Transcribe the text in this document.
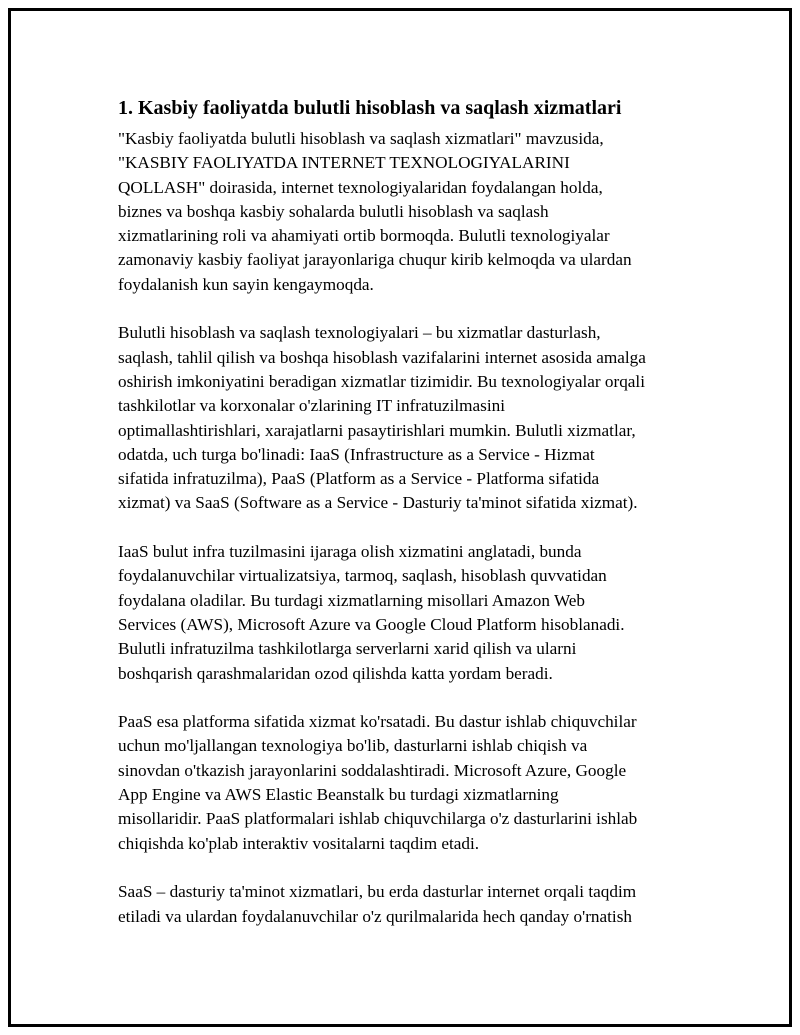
1. Kasbiy faoliyatda bulutli hisoblash va saqlash xizmatlari

"Kasbiy faoliyatda bulutli hisoblash va saqlash xizmatlari" mavzusida,
"KASBIY FAOLIYATDA INTERNET TEXNOLOGIYALARINI
QOLLASH" doirasida, internet texnologiyalaridan foydalangan holda,
biznes va boshqa kasbiy sohalarda bulutli hisoblash va saqlash
xizmatlarining roli va ahamiyati ortib bormoqda. Bulutli texnologiyalar
zamonaviy kasbiy faoliyat jarayonlariga chuqur kirib kelmoqda va ulardan
foydalanish kun sayin kengaymoqda.

Bulutli hisoblash va saqlash texnologiyalari – bu xizmatlar dasturlash,
saqlash, tahlil qilish va boshqa hisoblash vazifalarini internet asosida amalga
oshirish imkoniyatini beradigan xizmatlar tizimidir. Bu texnologiyalar orqali
tashkilotlar va korxonalar o'zlarining IT infratuzilmasini
optimallashtirishlari, xarajatlarni pasaytirishlari mumkin. Bulutli xizmatlar,
odatda, uch turga bo'linadi: IaaS (Infrastructure as a Service - Hizmat
sifatida infratuzilma), PaaS (Platform as a Service - Platforma sifatida
xizmat) va SaaS (Software as a Service - Dasturiy ta'minot sifatida xizmat).

IaaS bulut infra tuzilmasini ijaraga olish xizmatini anglatadi, bunda
foydalanuvchilar virtualizatsiya, tarmoq, saqlash, hisoblash quvvatidan
foydalana oladilar. Bu turdagi xizmatlarning misollari Amazon Web
Services (AWS), Microsoft Azure va Google Cloud Platform hisoblanadi.
Bulutli infratuzilma tashkilotlarga serverlarni xarid qilish va ularni
boshqarish qarashmalaridan ozod qilishda katta yordam beradi.

PaaS esa platforma sifatida xizmat ko'rsatadi. Bu dastur ishlab chiquvchilar
uchun mo'ljallangan texnologiya bo'lib, dasturlarni ishlab chiqish va
sinovdan o'tkazish jarayonlarini soddalashtiradi. Microsoft Azure, Google
App Engine va AWS Elastic Beanstalk bu turdagi xizmatlarning
misollaridir. PaaS platformalari ishlab chiquvchilarga o'z dasturlarini ishlab
chiqishda ko'plab interaktiv vositalarni taqdim etadi.

SaaS – dasturiy ta'minot xizmatlari, bu erda dasturlar internet orqali taqdim
etiladi va ulardan foydalanuvchilar o'z qurilmalarida hech qanday o'rnatish
